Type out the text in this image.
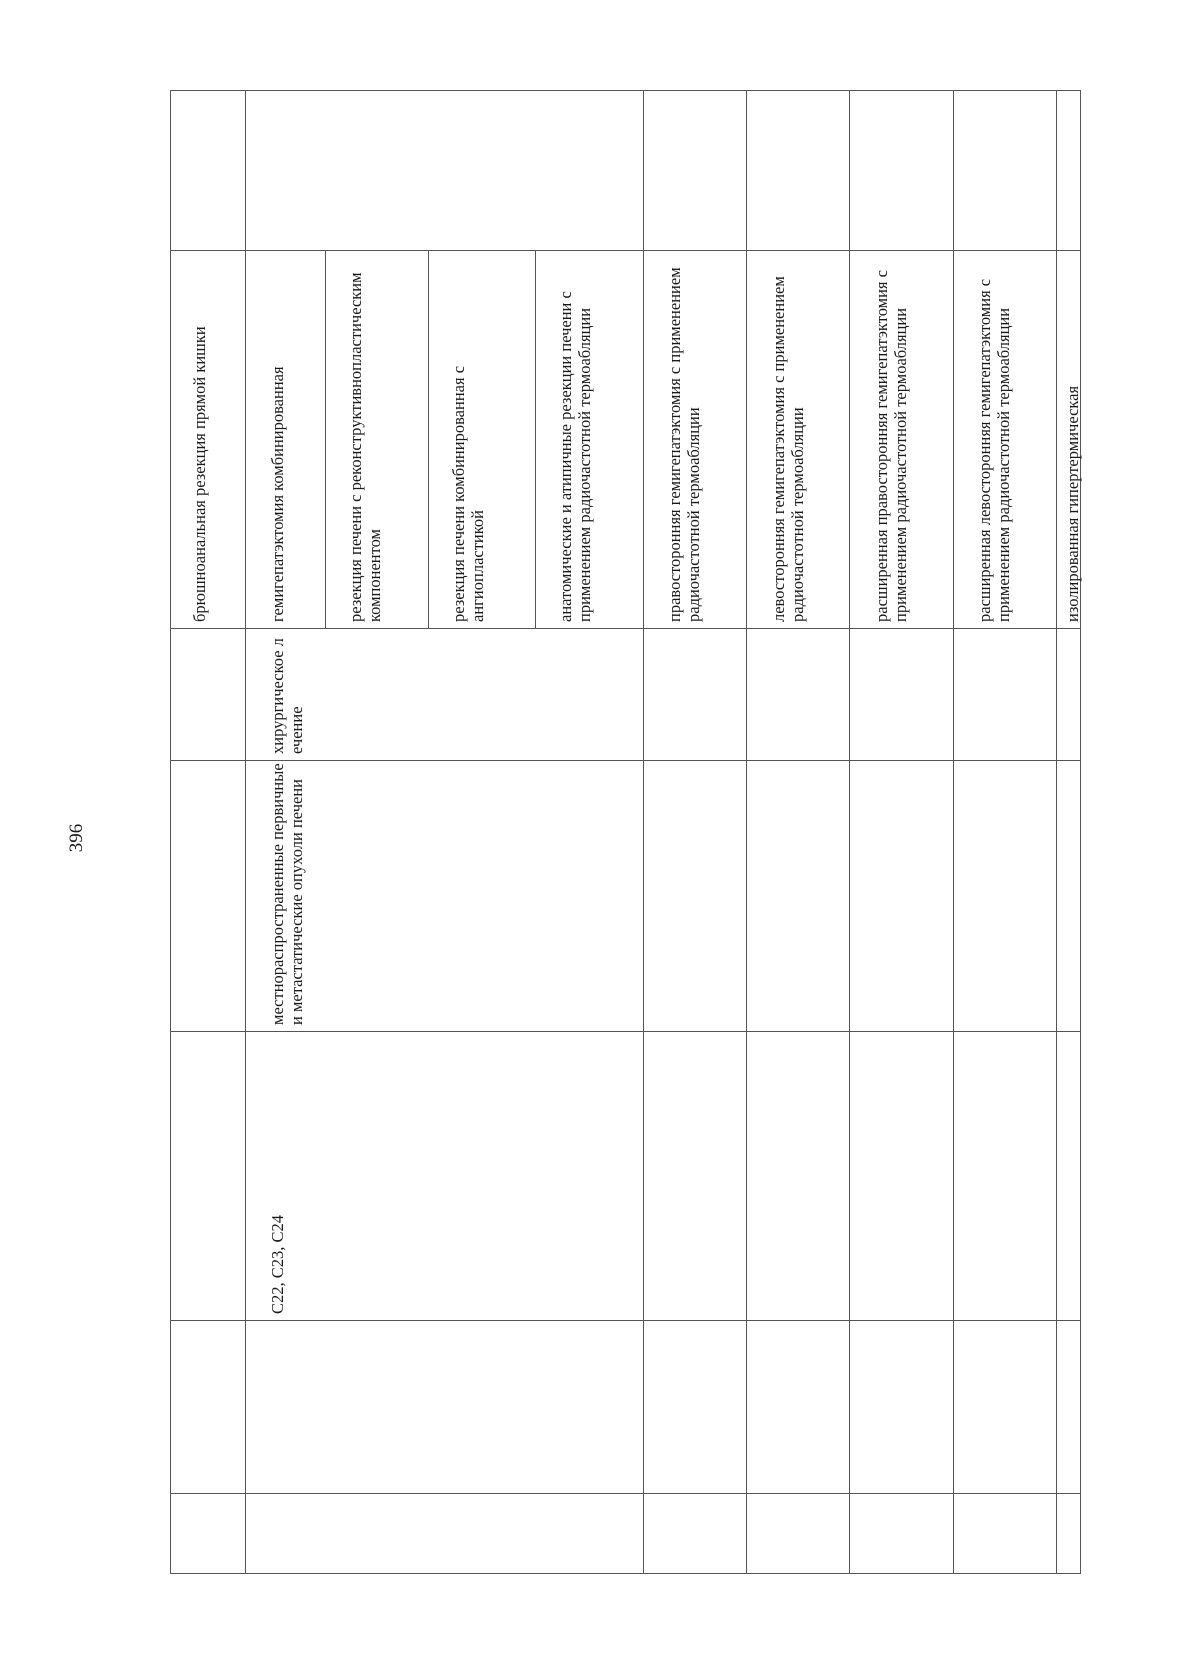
396
брюшноанальная резекция прямой кишки	гемигепатэктомия комбинированная	резекция печени с реконструктивнопластическим компонентом	резекция печени комбинированная с ангиопластикой	анатомические и атипичные резекции печени с применением радиочастотной термоабляции	правосторонняя гемигепатэктомия с применением радиочастотной термоабляции	левосторонняя гемигепатэктомия с применением радиочастотной термоабляции	расширенная правосторонняя гемигепатэктомия с применением радиочастотной термоабляции	расширенная левосторонняя гемигепатэктомия с применением радиочастотной термоабляции	изолированная гипертермическая
хирургическое лечение
местнораспространенные первичные и метастатические опухоли печени
C22, C23, C24
